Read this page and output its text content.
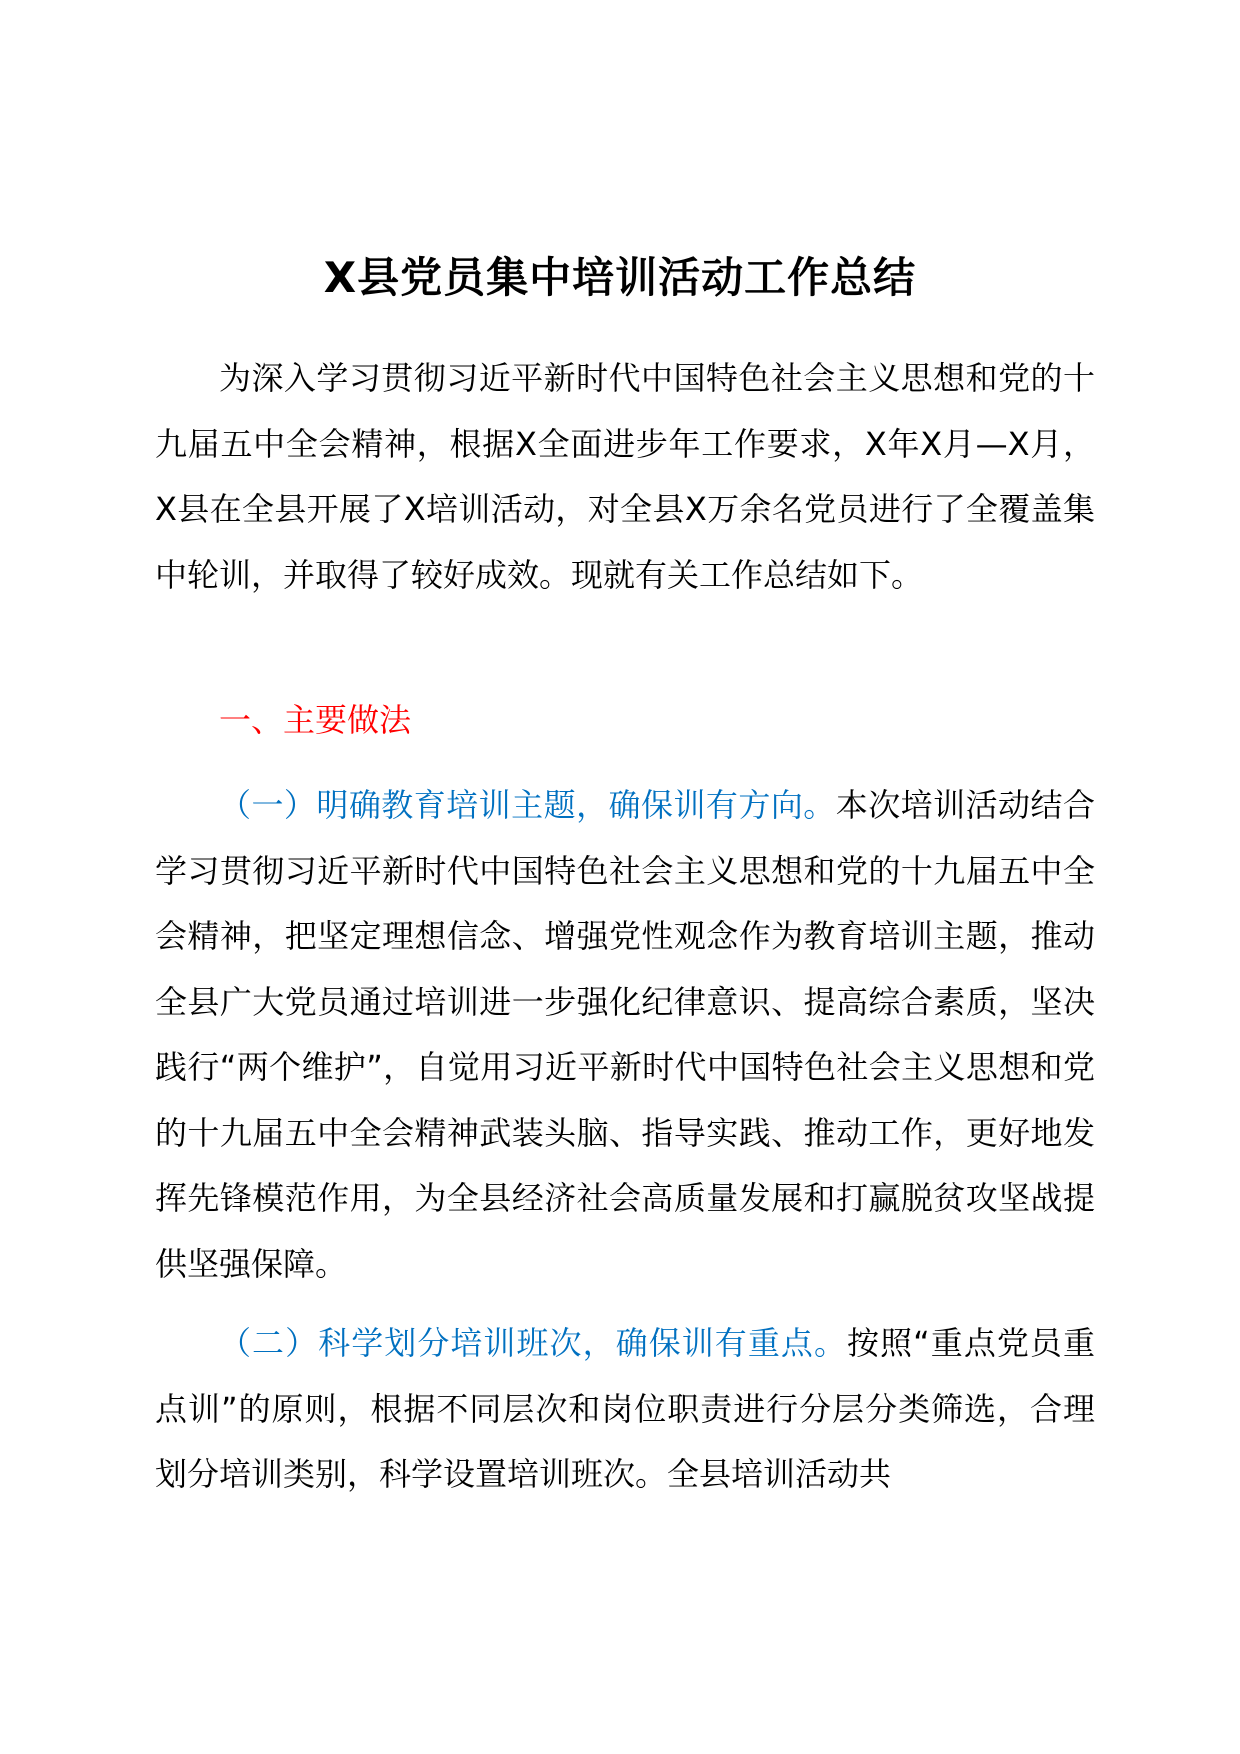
X县党员集中培训活动工作总结

为深入学习贯彻习近平新时代中国特色社会主义思想和党的十九届五中全会精神，根据X全面进步年工作要求，X年X月—X月，X县在全县开展了X培训活动，对全县X万余名党员进行了全覆盖集中轮训，并取得了较好成效。现就有关工作总结如下。

一、主要做法

（一）明确教育培训主题，确保训有方向。本次培训活动结合学习贯彻习近平新时代中国特色社会主义思想和党的十九届五中全会精神，把坚定理想信念、增强党性观念作为教育培训主题，推动全县广大党员通过培训进一步强化纪律意识、提高综合素质，坚决践行“两个维护”，自觉用习近平新时代中国特色社会主义思想和党的十九届五中全会精神武装头脑、指导实践、推动工作，更好地发挥先锋模范作用，为全县经济社会高质量发展和打赢脱贫攻坚战提供坚强保障。

（二）科学划分培训班次，确保训有重点。按照“重点党员重点训”的原则，根据不同层次和岗位职责进行分层分类筛选，合理划分培训类别，科学设置培训班次。全县培训活动共
